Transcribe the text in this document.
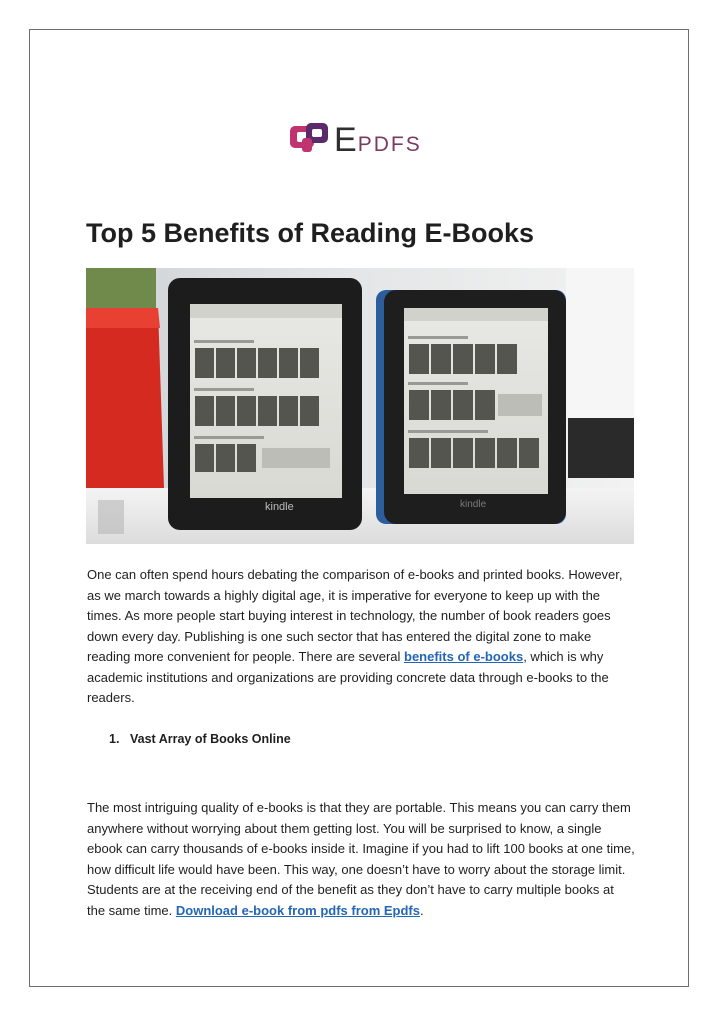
EPDFS
Top 5 Benefits of Reading E-Books
kindle	kindle

One can often spend hours debating the comparison of e-books and printed books. However, as we march towards a highly digital age, it is imperative for everyone to keep up with the times. As more people start buying interest in technology, the number of book readers goes down every day. Publishing is one such sector that has entered the digital zone to make reading more convenient for people. There are several benefits of e-books, which is why academic institutions and organizations are providing concrete data through e-books to the readers.

1. Vast Array of Books Online

The most intriguing quality of e-books is that they are portable. This means you can carry them anywhere without worrying about them getting lost. You will be surprised to know, a single ebook can carry thousands of e-books inside it. Imagine if you had to lift 100 books at one time, how difficult life would have been. This way, one doesn’t have to worry about the storage limit. Students are at the receiving end of the benefit as they don’t have to carry multiple books at the same time. Download e-book from pdfs from Epdfs.
